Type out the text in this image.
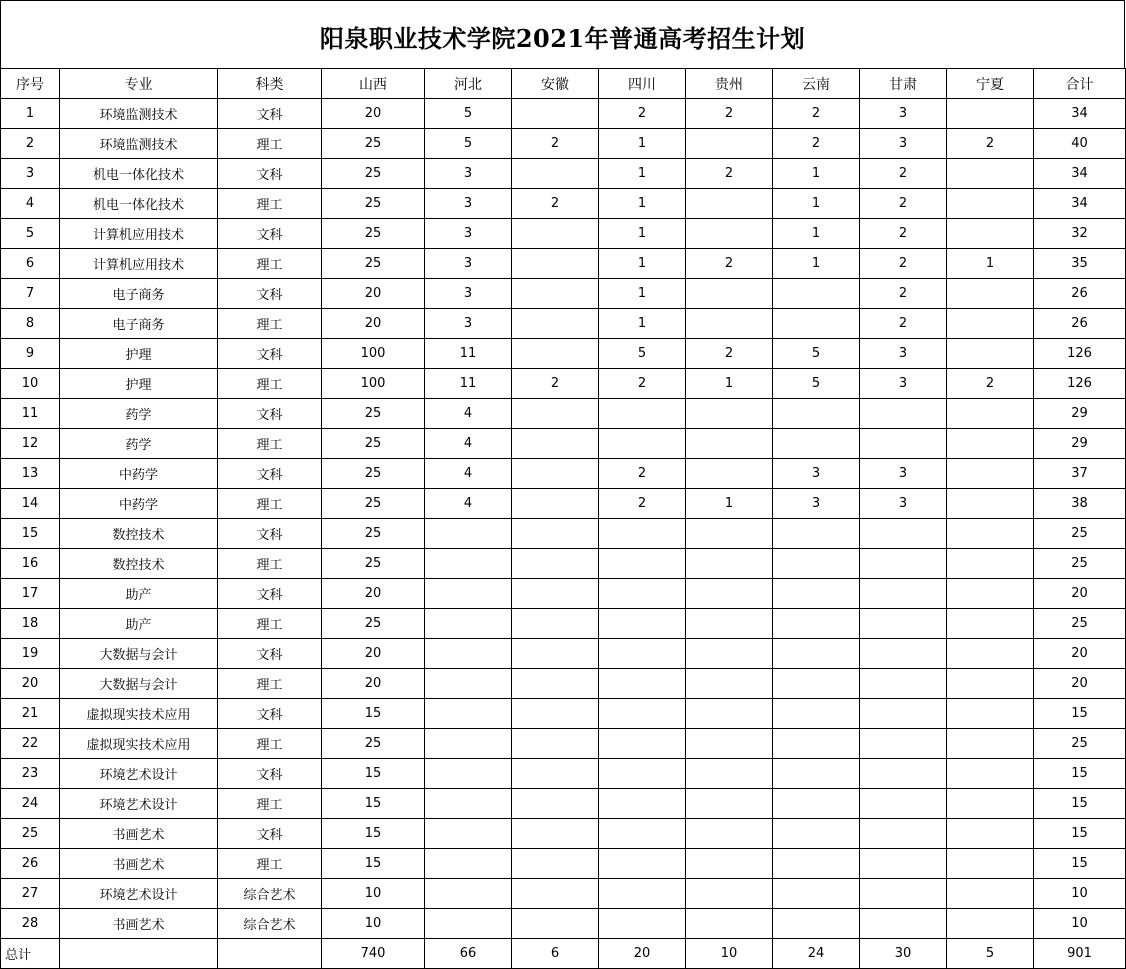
阳泉职业技术学院2021年普通高考招生计划
序号	专业	科类	山西	河北	安徽	四川	贵州	云南	甘肃	宁夏	合计
1	环境监测技术	文科	20	5		2	2	2	3		34
2	环境监测技术	理工	25	5	2	1		2	3	2	40
3	机电一体化技术	文科	25	3		1	2	1	2		34
4	机电一体化技术	理工	25	3	2	1		1	2		34
5	计算机应用技术	文科	25	3		1		1	2		32
6	计算机应用技术	理工	25	3		1	2	1	2	1	35
7	电子商务	文科	20	3		1			2		26
8	电子商务	理工	20	3		1			2		26
9	护理	文科	100	11		5	2	5	3		126
10	护理	理工	100	11	2	2	1	5	3	2	126
11	药学	文科	25	4							29
12	药学	理工	25	4							29
13	中药学	文科	25	4		2		3	3		37
14	中药学	理工	25	4		2	1	3	3		38
15	数控技术	文科	25								25
16	数控技术	理工	25								25
17	助产	文科	20								20
18	助产	理工	25								25
19	大数据与会计	文科	20								20
20	大数据与会计	理工	20								20
21	虚拟现实技术应用	文科	15								15
22	虚拟现实技术应用	理工	25								25
23	环境艺术设计	文科	15								15
24	环境艺术设计	理工	15								15
25	书画艺术	文科	15								15
26	书画艺术	理工	15								15
27	环境艺术设计	综合艺术	10								10
28	书画艺术	综合艺术	10								10
总计			740	66	6	20	10	24	30	5	901
